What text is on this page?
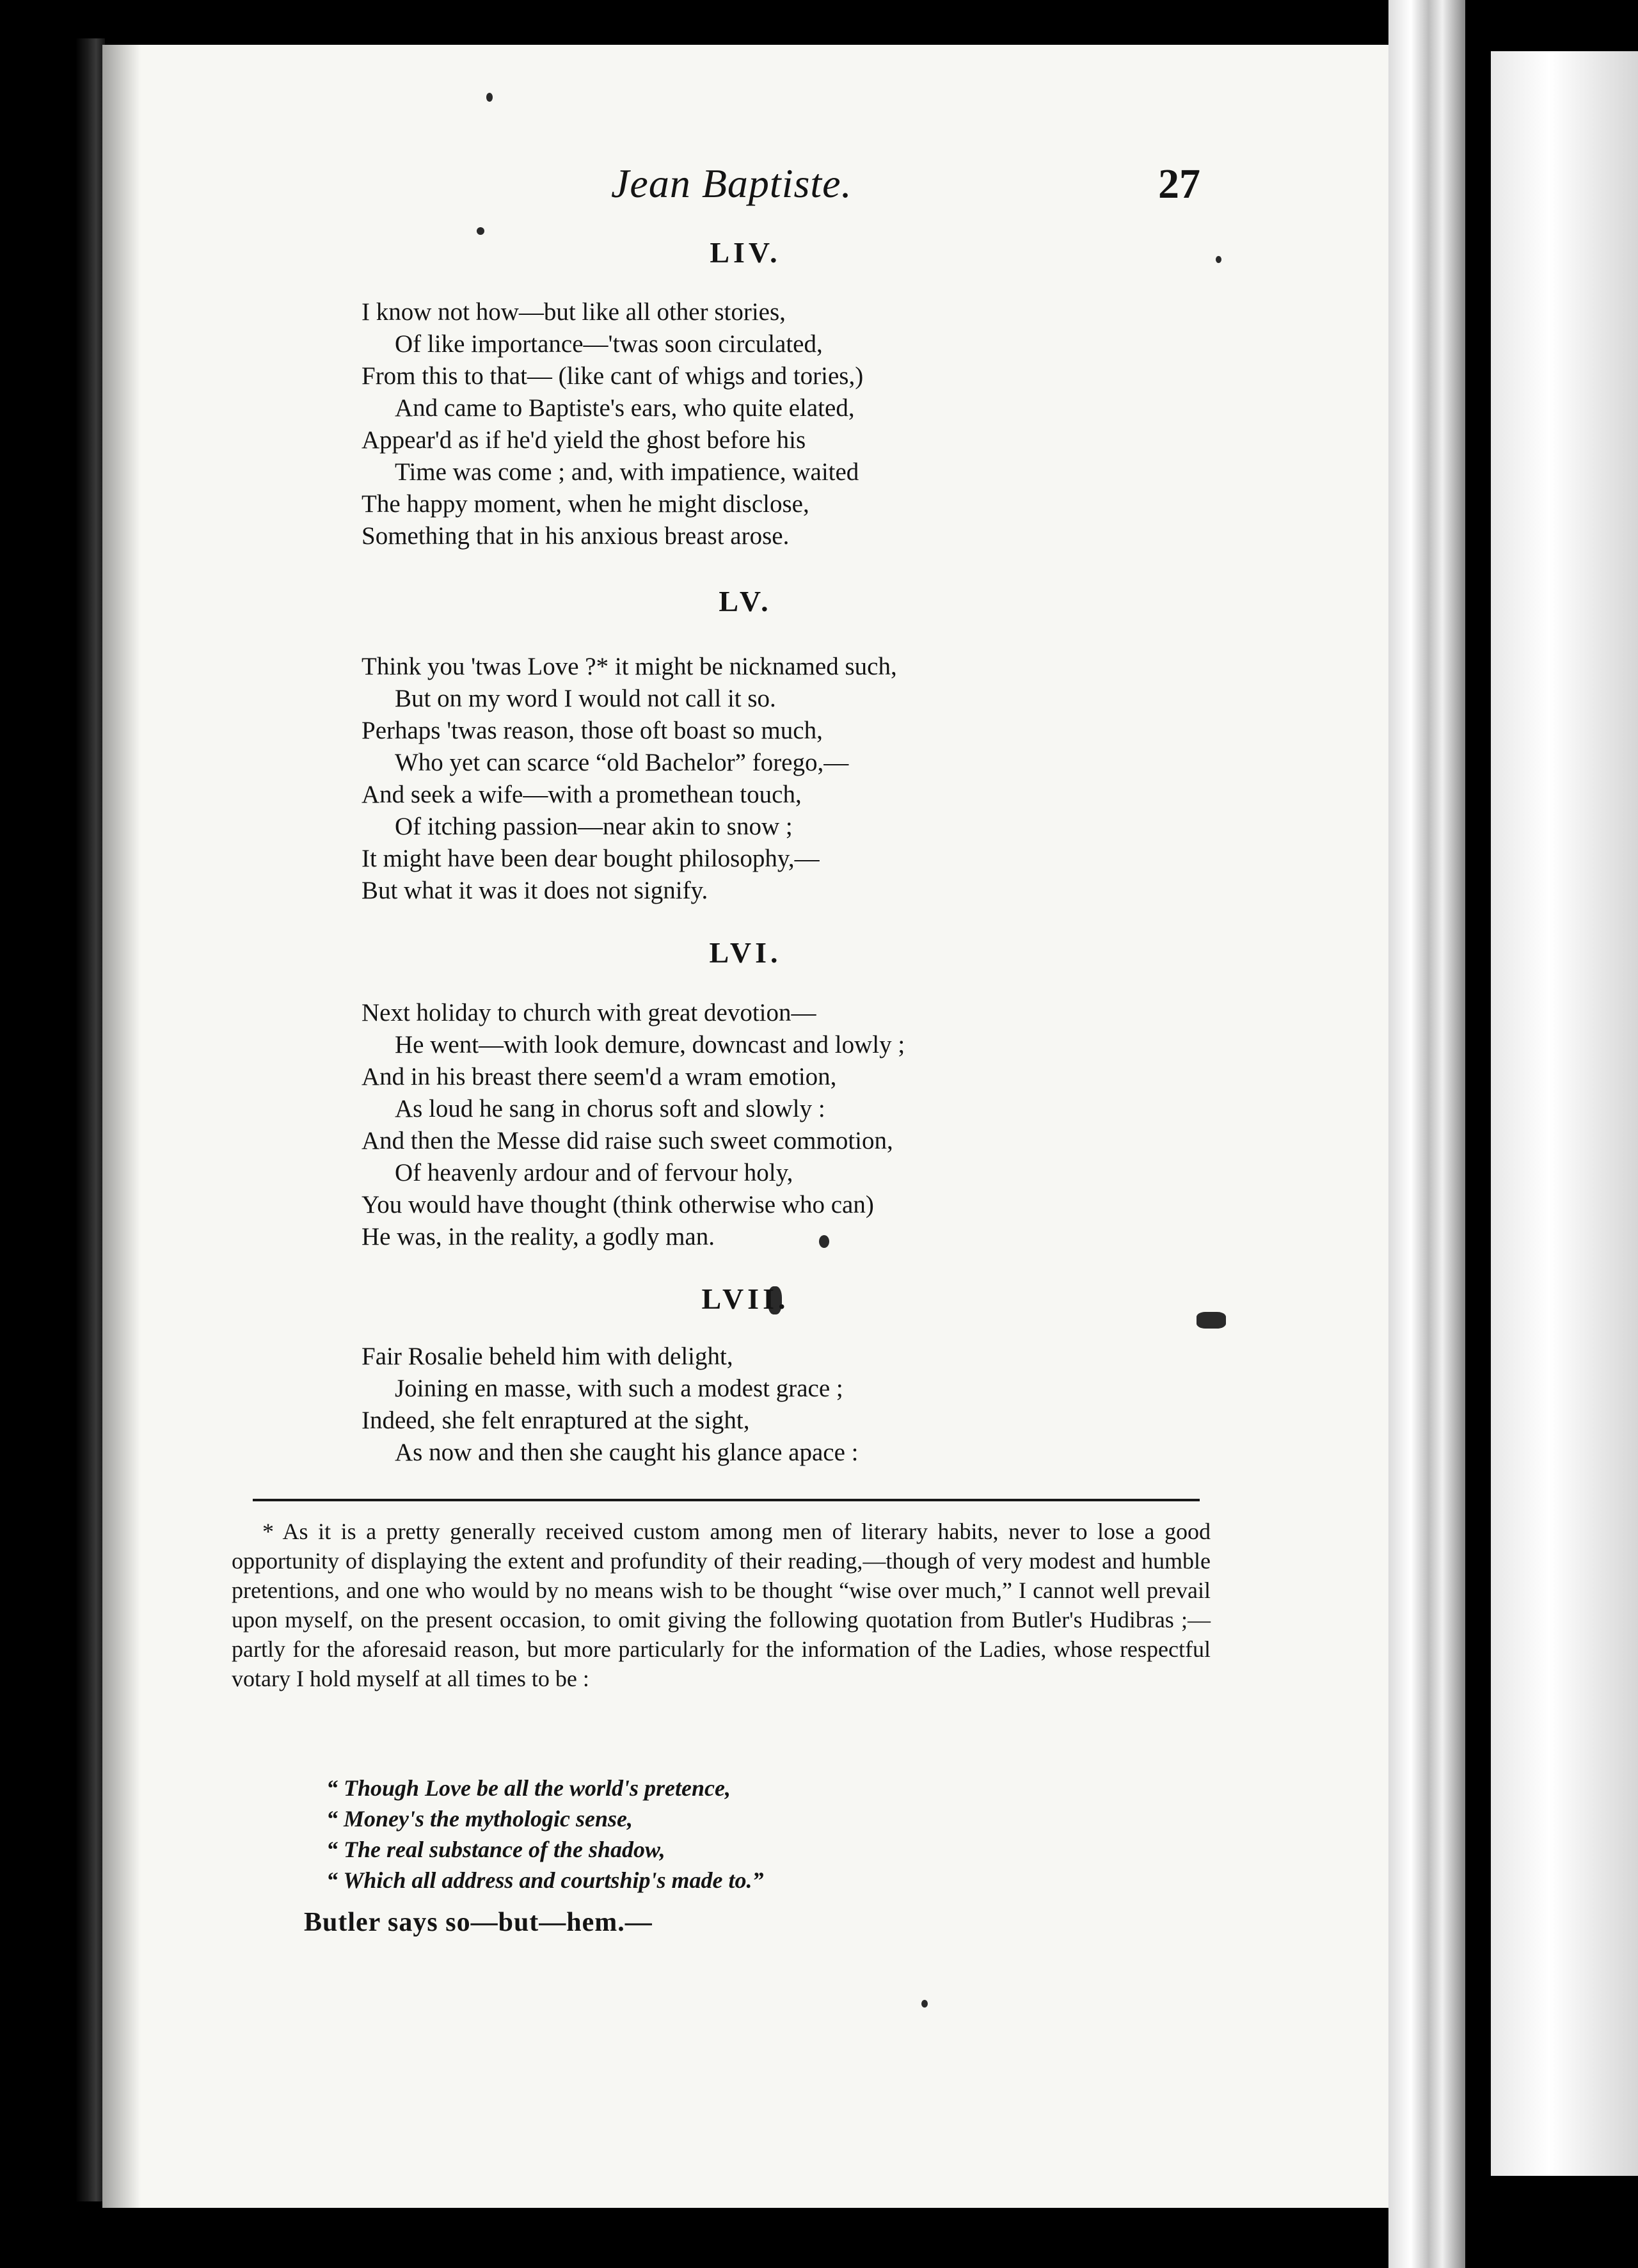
Jean Baptiste.	27
LIV.
I know not how—but like all other stories,
Of like importance—'twas soon circulated,
From this to that— (like cant of whigs and tories,)
And came to Baptiste's ears, who quite elated,
Appear'd as if he'd yield the ghost before his
Time was come ; and, with impatience, waited
The happy moment, when he might disclose,
Something that in his anxious breast arose.
LV.
Think you 'twas Love ?* it might be nicknamed such,
But on my word I would not call it so.
Perhaps 'twas reason, those oft boast so much,
Who yet can scarce “old Bachelor” forego,—
And seek a wife—with a promethean touch,
Of itching passion—near akin to snow ;
It might have been dear bought philosophy,—
But what it was it does not signify.
LVI.
Next holiday to church with great devotion—
He went—with look demure, downcast and lowly ;
And in his breast there seem'd a wram emotion,
As loud he sang in chorus soft and slowly :
And then the Messe did raise such sweet commotion,
Of heavenly ardour and of fervour holy,
You would have thought (think otherwise who can)
He was, in the reality, a godly man.
LVII.
Fair Rosalie beheld him with delight,
Joining en masse, with such a modest grace ;
Indeed, she felt enraptured at the sight,
As now and then she caught his glance apace :

* As it is a pretty generally received custom among men of literary habits, never to lose a good opportunity of displaying the extent and profundity of their reading,—though of very modest and humble pretentions, and one who would by no means wish to be thought “wise over much,” I cannot well prevail upon myself, on the present occasion, to omit giving the following quotation from Butler's Hudibras ;—partly for the aforesaid reason, but more particularly for the information of the Ladies, whose respectful votary I hold myself at all times to be :

“ Though Love be all the world's pretence,
“ Money's the mythologic sense,
“ The real substance of the shadow,
“ Which all address and courtship's made to.”
Butler says so—but—hem.—
